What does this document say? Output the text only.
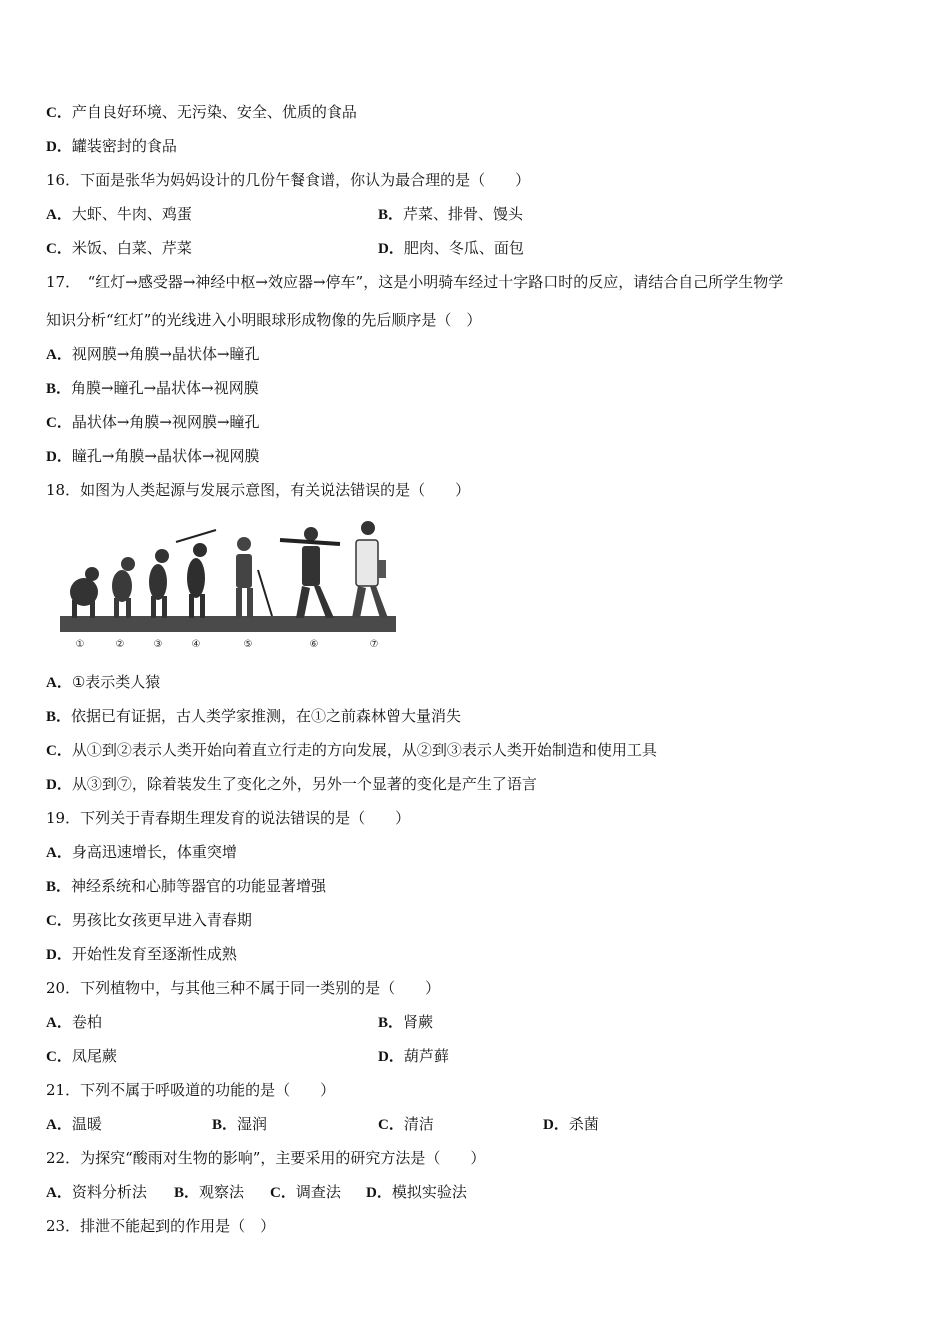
C．产自良好环境、无污染、安全、优质的食品
D．罐装密封的食品
16．下面是张华为妈妈设计的几份午餐食谱，你认为最合理的是（　　）
A．大虾、牛肉、鸡蛋	B．芹菜、排骨、馒头
C．米饭、白菜、芹菜	D．肥肉、冬瓜、面包
17．　“红灯→感受器→神经中枢→效应器→停车”，这是小明骑车经过十字路口时的反应，请结合自己所学生物学
知识分析“红灯”的光线进入小明眼球形成物像的先后顺序是（　）
A．视网膜→角膜→晶状体→瞳孔
B．角膜→瞳孔→晶状体→视网膜
C．晶状体→角膜→视网膜→瞳孔
D．瞳孔→角膜→晶状体→视网膜
18．如图为人类起源与发展示意图，有关说法错误的是（　　）
①	②	③	④	⑤	⑥	⑦
A．①表示类人猿
B．依据已有证据，古人类学家推测，在①之前森林曾大量消失
C．从①到②表示人类开始向着直立行走的方向发展，从②到③表示人类开始制造和使用工具
D．从③到⑦，除着装发生了变化之外，另外一个显著的变化是产生了语言
19．下列关于青春期生理发育的说法错误的是（　　）
A．身高迅速增长，体重突增
B．神经系统和心肺等器官的功能显著增强
C．男孩比女孩更早进入青春期
D．开始性发育至逐渐性成熟
20．下列植物中，与其他三种不属于同一类别的是（　　）
A．卷柏	B．肾蕨
C．凤尾蕨	D．葫芦藓
21．下列不属于呼吸道的功能的是（　　）
A．温暖	B．湿润	C．清洁	D．杀菌
22．为探究“酸雨对生物的影响”，主要采用的研究方法是（　　）
A．资料分析法 B．观察法 C．调查法 D．模拟实验法
23．排泄不能起到的作用是（　）
